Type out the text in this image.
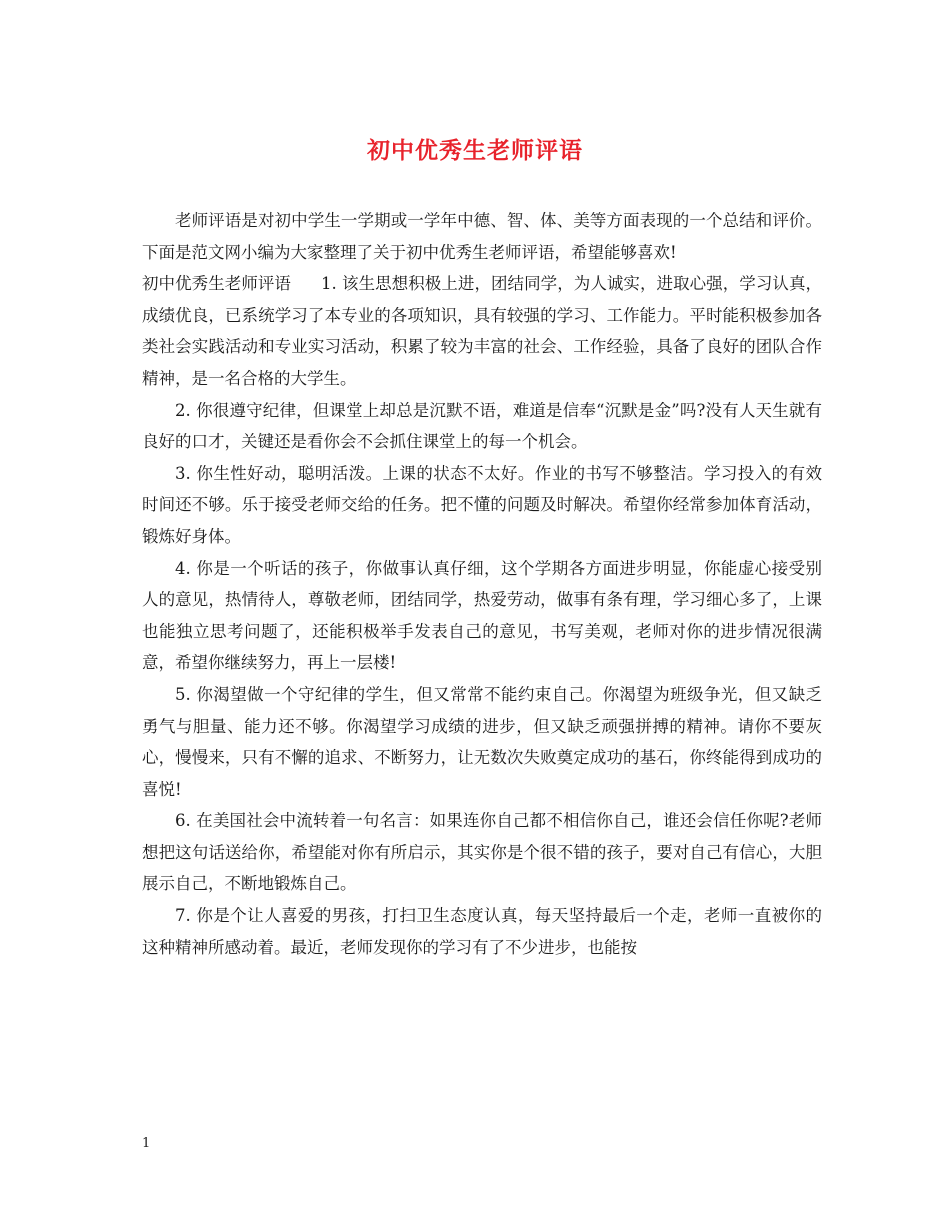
初中优秀生老师评语

老师评语是对初中学生一学期或一学年中德、智、体、美等方面表现的一个总结和评价。下面是范文网小编为大家整理了关于初中优秀生老师评语，希望能够喜欢!

初中优秀生老师评语 1. 该生思想积极上进，团结同学，为人诚实，进取心强，学习认真，成绩优良，已系统学习了本专业的各项知识，具有较强的学习、工作能力。平时能积极参加各类社会实践活动和专业实习活动，积累了较为丰富的社会、工作经验，具备了良好的团队合作精神，是一名合格的大学生。

2. 你很遵守纪律，但课堂上却总是沉默不语，难道是信奉“沉默是金”吗?没有人天生就有良好的口才，关键还是看你会不会抓住课堂上的每一个机会。

3. 你生性好动，聪明活泼。上课的状态不太好。作业的书写不够整洁。学习投入的有效时间还不够。乐于接受老师交给的任务。把不懂的问题及时解决。希望你经常参加体育活动，锻炼好身体。

4. 你是一个听话的孩子，你做事认真仔细，这个学期各方面进步明显，你能虚心接受别人的意见，热情待人，尊敬老师，团结同学，热爱劳动，做事有条有理，学习细心多了，上课也能独立思考问题了，还能积极举手发表自己的意见，书写美观，老师对你的进步情况很满意，希望你继续努力，再上一层楼!

5. 你渴望做一个守纪律的学生，但又常常不能约束自己。你渴望为班级争光，但又缺乏勇气与胆量、能力还不够。你渴望学习成绩的进步，但又缺乏顽强拼搏的精神。请你不要灰心，慢慢来，只有不懈的追求、不断努力，让无数次失败奠定成功的基石，你终能得到成功的喜悦!

6. 在美国社会中流转着一句名言：如果连你自己都不相信你自己，谁还会信任你呢?老师想把这句话送给你，希望能对你有所启示，其实你是个很不错的孩子，要对自己有信心，大胆展示自己，不断地锻炼自己。

7. 你是个让人喜爱的男孩，打扫卫生态度认真，每天坚持最后一个走，老师一直被你的这种精神所感动着。最近，老师发现你的学习有了不少进步，也能按

1
